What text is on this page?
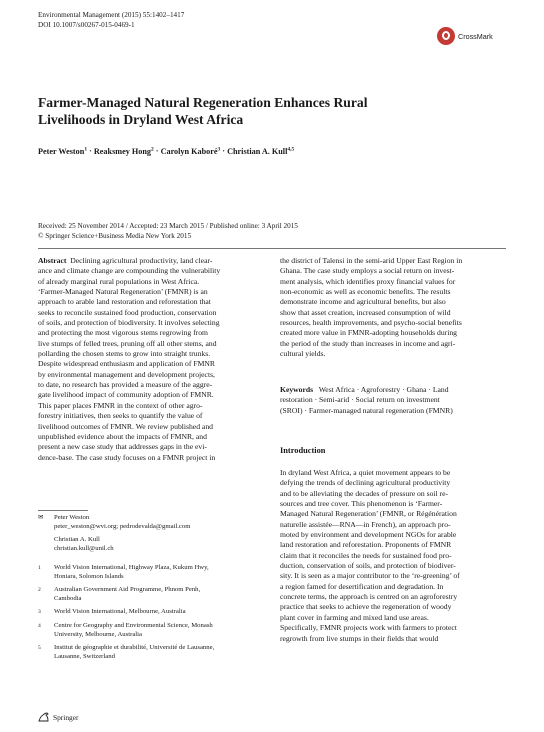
Environmental Management (2015) 55:1402–1417
DOI 10.1007/s00267-015-0469-1
CrossMark
Farmer-Managed Natural Regeneration Enhances Rural
Livelihoods in Dryland West Africa
Peter Weston$^1$ · Reaksmey Hong$^2$ · Carolyn Kaboré$^3$ · Christian A. Kull$^{4,5}$
Received: 25 November 2014 / Accepted: 23 March 2015 / Published online: 3 April 2015
© Springer Science+Business Media New York 2015
Abstract Declining agricultural productivity, land clear-
ance and climate change are compounding the vulnerability
of already marginal rural populations in West Africa.
‘Farmer-Managed Natural Regeneration’ (FMNR) is an
approach to arable land restoration and reforestation that
seeks to reconcile sustained food production, conservation
of soils, and protection of biodiversity. It involves selecting
and protecting the most vigorous stems regrowing from
live stumps of felled trees, pruning off all other stems, and
pollarding the chosen stems to grow into straight trunks.
Despite widespread enthusiasm and application of FMNR
by environmental management and development projects,
to date, no research has provided a measure of the aggre-
gate livelihood impact of community adoption of FMNR.
This paper places FMNR in the context of other agro-
forestry initiatives, then seeks to quantify the value of
livelihood outcomes of FMNR. We review published and
unpublished evidence about the impacts of FMNR, and
present a new case study that addresses gaps in the evi-
dence-base. The case study focuses on a FMNR project in
✉ Peter Weston
peter_weston@wvi.org; pedrodevalda@gmail.com
Christian A. Kull
christian.kull@unil.ch
1 World Vision International, Highway Plaza, Kukum Hwy,
Honiara, Solomon Islands
2 Australian Government Aid Programme, Phnom Penh,
Cambodia
3 World Vision International, Melbourne, Australia
4 Centre for Geography and Environmental Science, Monash
University, Melbourne, Australia
5 Institut de géographie et durabilité, Université de Lausanne,
Lausanne, Switzerland
the district of Talensi in the semi-arid Upper East Region in
Ghana. The case study employs a social return on invest-
ment analysis, which identifies proxy financial values for
non-economic as well as economic benefits. The results
demonstrate income and agricultural benefits, but also
show that asset creation, increased consumption of wild
resources, health improvements, and psycho-social benefits
created more value in FMNR-adopting households during
the period of the study than increases in income and agri-
cultural yields.
Keywords West Africa · Agroforestry · Ghana · Land
restoration · Semi-arid · Social return on investment
(SROI) · Farmer-managed natural regeneration (FMNR)
Introduction
In dryland West Africa, a quiet movement appears to be
defying the trends of declining agricultural productivity
and to be alleviating the decades of pressure on soil re-
sources and tree cover. This phenomenon is ‘Farmer-
Managed Natural Regeneration’ (FMNR, or Régénération
naturelle assistée—RNA—in French), an approach pro-
moted by environment and development NGOs for arable
land restoration and reforestation. Proponents of FMNR
claim that it reconciles the needs for sustained food pro-
duction, conservation of soils, and protection of biodiver-
sity. It is seen as a major contributor to the ‘re-greening’ of
a region famed for desertification and degradation. In
concrete terms, the approach is centred on an agroforestry
practice that seeks to achieve the regeneration of woody
plant cover in farming and mixed land use areas.
Specifically, FMNR projects work with farmers to protect
regrowth from live stumps in their fields that would
Springer
